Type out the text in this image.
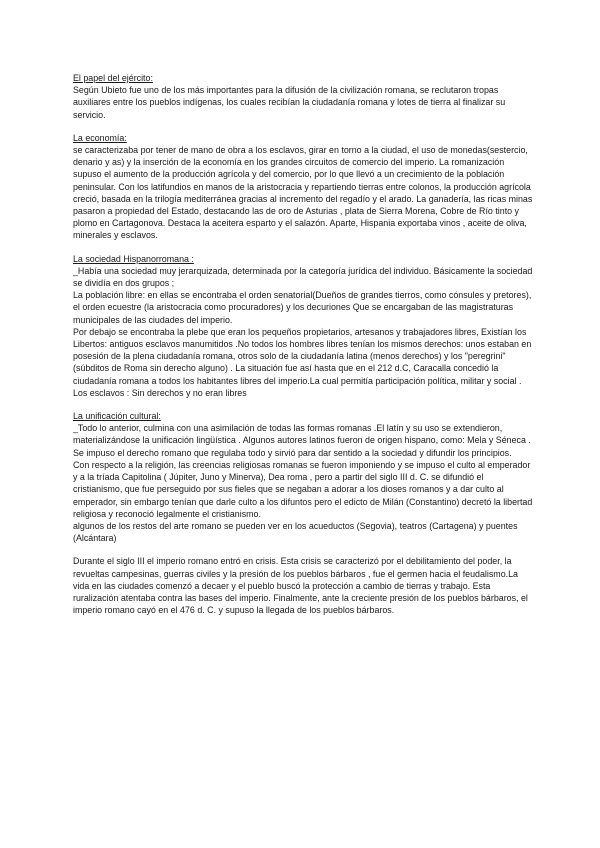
El papel del ejército:
Según Ubieto fue uno de los más importantes para la difusión de la civilización romana, se reclutaron tropas auxiliares entre los pueblos indígenas, los cuales recibían la ciudadanía romana y lotes de tierra al finalizar su servicio.
La economía:
se caracterizaba por tener de mano de obra a los esclavos, girar en torno a la ciudad, el uso de monedas(sestercio, denario y as) y la inserción de la economía en los grandes circuitos de comercio del imperio. La romanización supuso el aumento de la producción agrícola y del comercio, por lo que llevó a un crecimiento de la población peninsular. Con los latifundios en manos de la aristocracia y repartiendo tierras entre colonos, la producción agrícola creció, basada en la trilogía mediterránea gracias al incremento del regadío y el arado. La ganadería, las ricas minas pasaron a propiedad del Estado, destacando las de oro de Asturias , plata de Sierra Morena, Cobre de Río tinto y plomo en Cartagonova. Destaca la aceitera esparto y el salazón. Aparte, Hispania exportaba vinos , aceite de oliva, minerales y esclavos.
La sociedad Hispanorromana :
_Había una sociedad muy jerarquizada, determinada por la categoría jurídica del individuo. Básicamente la sociedad se dividía en dos grupos ;
La población libre: en ellas se encontraba el orden senatorial(Dueños de grandes tierros, como cónsules y pretores), el orden ecuestre (la aristocracia como procuradores) y los decuriones Que se encargaban de las magistraturas municipales de las ciudades del imperio.
Por debajo se encontraba la plebe que eran los pequeños propietarios, artesanos y trabajadores libres, Existían los Libertos: antiguos esclavos manumitidos .No todos los hombres libres tenían los mismos derechos: unos estaban en posesión de la plena ciudadanía romana, otros solo de la ciudadanía latina (menos derechos) y los "peregrini" (súbditos de Roma sin derecho alguno) . La situación fue así hasta que en el 212 d.C, Caracalla concedió la ciudadanía romana a todos los habitantes libres del imperio.La cual permitía participación política, militar y social .
Los esclavos : Sin derechos y no eran libres
La unificación cultural:
_Todo lo anterior, culmina con una asimilación de todas las formas romanas .El latín y su uso se extendieron, materializándose la unificación lingüística . Algunos autores latinos fueron de origen hispano, como: Mela y Séneca . Se impuso el derecho romano que regulaba todo y sirvió para dar sentido a la sociedad y difundir los principios.
Con respecto a la religión, las creencias religiosas romanas se fueron imponiendo y se impuso el culto al emperador y a la tríada Capitolina ( Júpiter, Juno y Minerva), Dea roma , pero a partir del siglo III d. C. se difundió el cristianismo, que fue perseguido por sus fieles que se negaban a adorar a los dioses romanos y a dar culto al emperador, sin embargo tenían que darle culto a los difuntos pero el edicto de Milán (Constantino) decretó la libertad religiosa y reconoció legalmente el cristianismo.
algunos de los restos del arte romano se pueden ver en los acueductos (Segovia), teatros (Cartagena) y puentes (Alcántara)
Durante el siglo III el imperio romano entró en crisis. Esta crisis se caracterizó por el debilitamiento del poder, la revueltas campesinas, guerras civiles y la presión de los pueblos bárbaros , fue el germen hacia el feudalismo.La vida en las ciudades comenzó a decaer y el pueblo buscó la protección a cambio de tierras y trabajo. Esta ruralización atentaba contra las bases del imperio. Finalmente, ante la creciente presión de los pueblos bárbaros, el imperio romano cayó en el 476 d. C. y supuso la llegada de los pueblos bárbaros.
